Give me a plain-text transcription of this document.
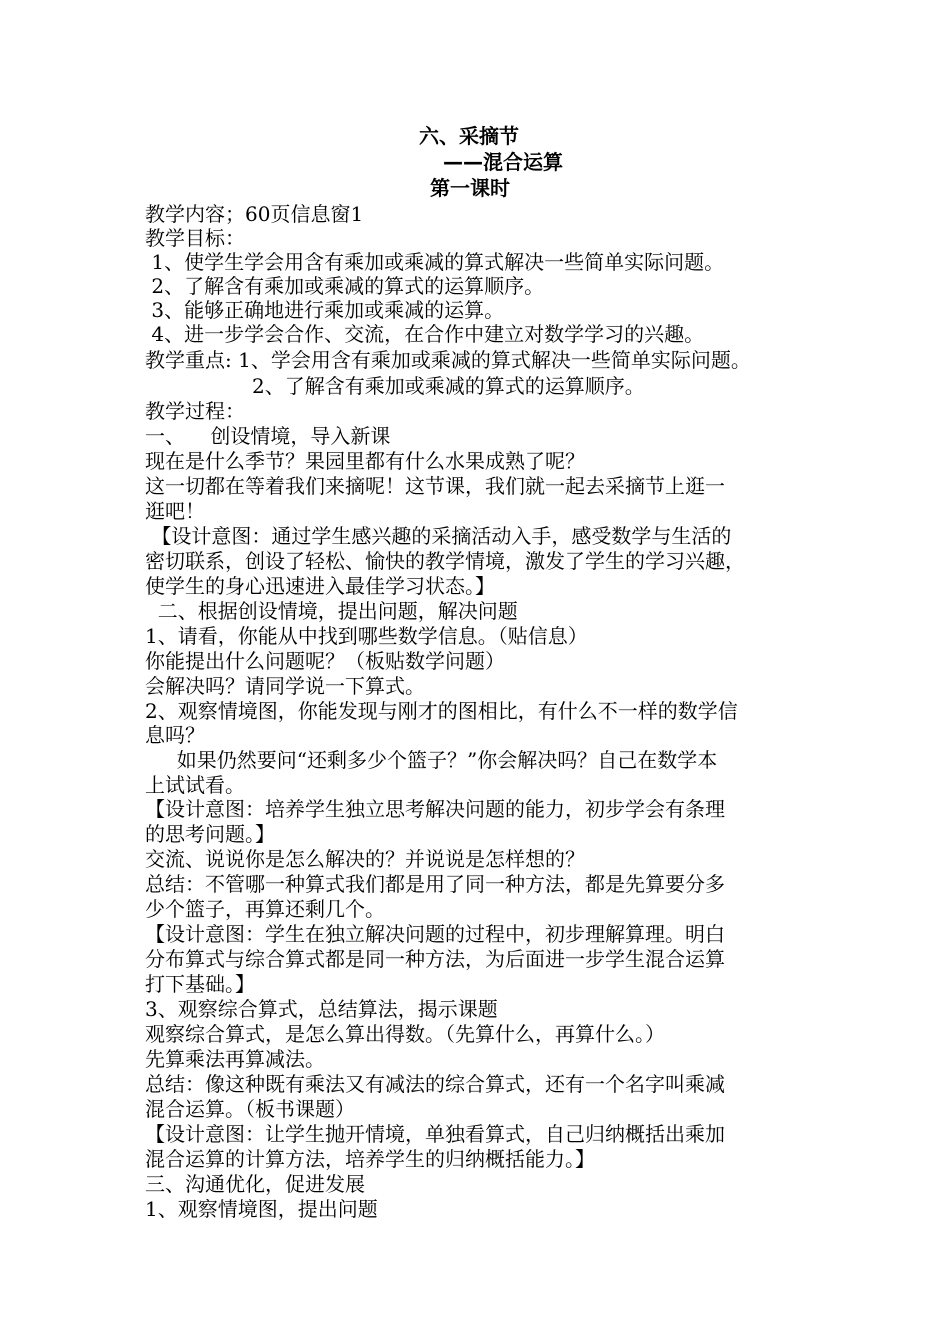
六、采摘节
——混合运算
第一课时
教学内容；60页信息窗1
教学目标：
1、使学生学会用含有乘加或乘减的算式解决一些简单实际问题。
2、了解含有乘加或乘减的算式的运算顺序。
3、能够正确地进行乘加或乘减的运算。
4、进一步学会合作、交流，在合作中建立对数学学习的兴趣。
教学重点: 1、学会用含有乘加或乘减的算式解决一些简单实际问题。
2、了解含有乘加或乘减的算式的运算顺序。
教学过程：
一、    创设情境，导入新课
现在是什么季节？果园里都有什么水果成熟了呢？
这一切都在等着我们来摘呢！这节课，我们就一起去采摘节上逛一
逛吧！
【设计意图：通过学生感兴趣的采摘活动入手，感受数学与生活的
密切联系，创设了轻松、愉快的教学情境，激发了学生的学习兴趣，
使学生的身心迅速进入最佳学习状态。】
二、根据创设情境，提出问题，解决问题
1、请看，你能从中找到哪些数学信息。（贴信息）
你能提出什么问题呢？（板贴数学问题）
会解决吗？请同学说一下算式。
2、观察情境图，你能发现与刚才的图相比，有什么不一样的数学信
息吗？
如果仍然要问“还剩多少个篮子？”你会解决吗？自己在数学本
上试试看。
【设计意图：培养学生独立思考解决问题的能力，初步学会有条理
的思考问题。】
交流、说说你是怎么解决的？并说说是怎样想的？
总结：不管哪一种算式我们都是用了同一种方法，都是先算要分多
少个篮子，再算还剩几个。
【设计意图：学生在独立解决问题的过程中，初步理解算理。明白
分布算式与综合算式都是同一种方法，为后面进一步学生混合运算
打下基础。】
3、观察综合算式，总结算法，揭示课题
观察综合算式，是怎么算出得数。（先算什么，再算什么。）
先算乘法再算减法。
总结：像这种既有乘法又有减法的综合算式，还有一个名字叫乘减
混合运算。（板书课题）
【设计意图：让学生抛开情境，单独看算式，自己归纳概括出乘加
混合运算的计算方法，培养学生的归纳概括能力。】
三、沟通优化，促进发展
1、观察情境图，提出问题
